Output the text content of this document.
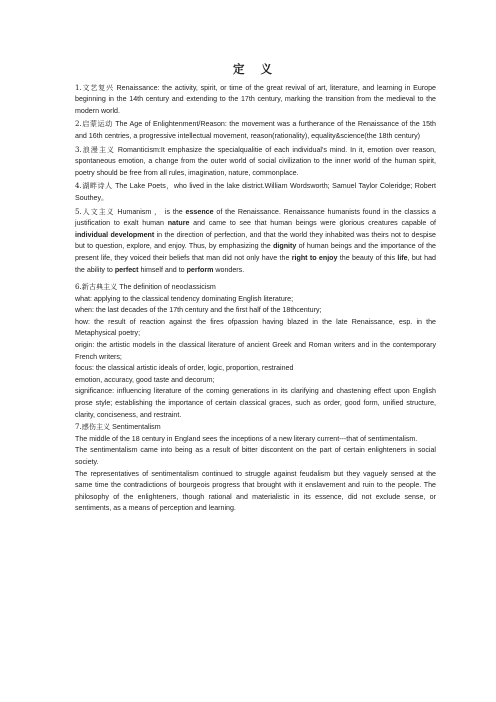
定 义

1.文艺复兴 Renaissance: the activity, spirit, or time of the great revival of art, literature, and learning in Europe beginning in the 14th century and extending to the 17th century, marking the transition from the medieval to the modern world.

2.启蒙运动 The Age of Enlightenment/Reason: the movement was a furtherance of the Renaissance of the 15th and 16th centries, a progressive intellectual movement, reason(rationality), equality&science(the 18th century)

3.浪漫主义 Romanticism:It emphasize the specialqualitie of each individual's mind. In it, emotion over reason, spontaneous emotion, a change from the outer world of social civilization to the inner world of the human spirit, poetry should be free from all rules, imagination, nature, commonplace.

4.湖畔诗人 The Lake Poets，who lived in the lake district.William Wordsworth; Samuel Taylor Coleridge; Robert Southey。

5.人文主义 Humanism ， is the essence of the Renaissance. Renaissance humanists found in the classics a justification to exalt human nature and came to see that human beings were glorious creatures capable of individual development in the direction of perfection, and that the world they inhabited was theirs not to despise but to question, explore, and enjoy. Thus, by emphasizing the dignity of human beings and the importance of the present life, they voiced their beliefs that man did not only have the right to enjoy the beauty of this life, but had the ability to perfect himself and to perform wonders.

6.新古典主义 The definition of neoclassicism

what: applying to the classical tendency dominating English literature;

when: the last decades of the 17th century and the first half of the 18thcentury;

how: the result of reaction against the fires ofpassion having blazed in the late Renaissance, esp. in the Metaphysical poetry;

origin: the artistic models in the classical literature of ancient Greek and Roman writers and in the contemporary French writers;

focus: the classical artistic ideals of order, logic, proportion, restrained

emotion, accuracy, good taste and decorum;

significance: influencing literature of the coming generations in its clarifying and chastening effect upon English prose style; establishing the importance of certain classical graces, such as order, good form, unified structure, clarity, conciseness, and restraint.

7.感伤主义 Sentimentalism

The middle of the 18 century in England sees the inceptions of a new literary current---that of sentimentalism.

The sentimentalism came into being as a result of bitter discontent on the part of certain enlighteners in social society.

The representatives of sentimentalism continued to struggle against feudalism but they vaguely sensed at the same time the contradictions of bourgeois progress that brought with it enslavement and ruin to the people. The philosophy of the enlighteners, though rational and materialistic in its essence, did not exclude sense, or sentiments, as a means of perception and learning.
